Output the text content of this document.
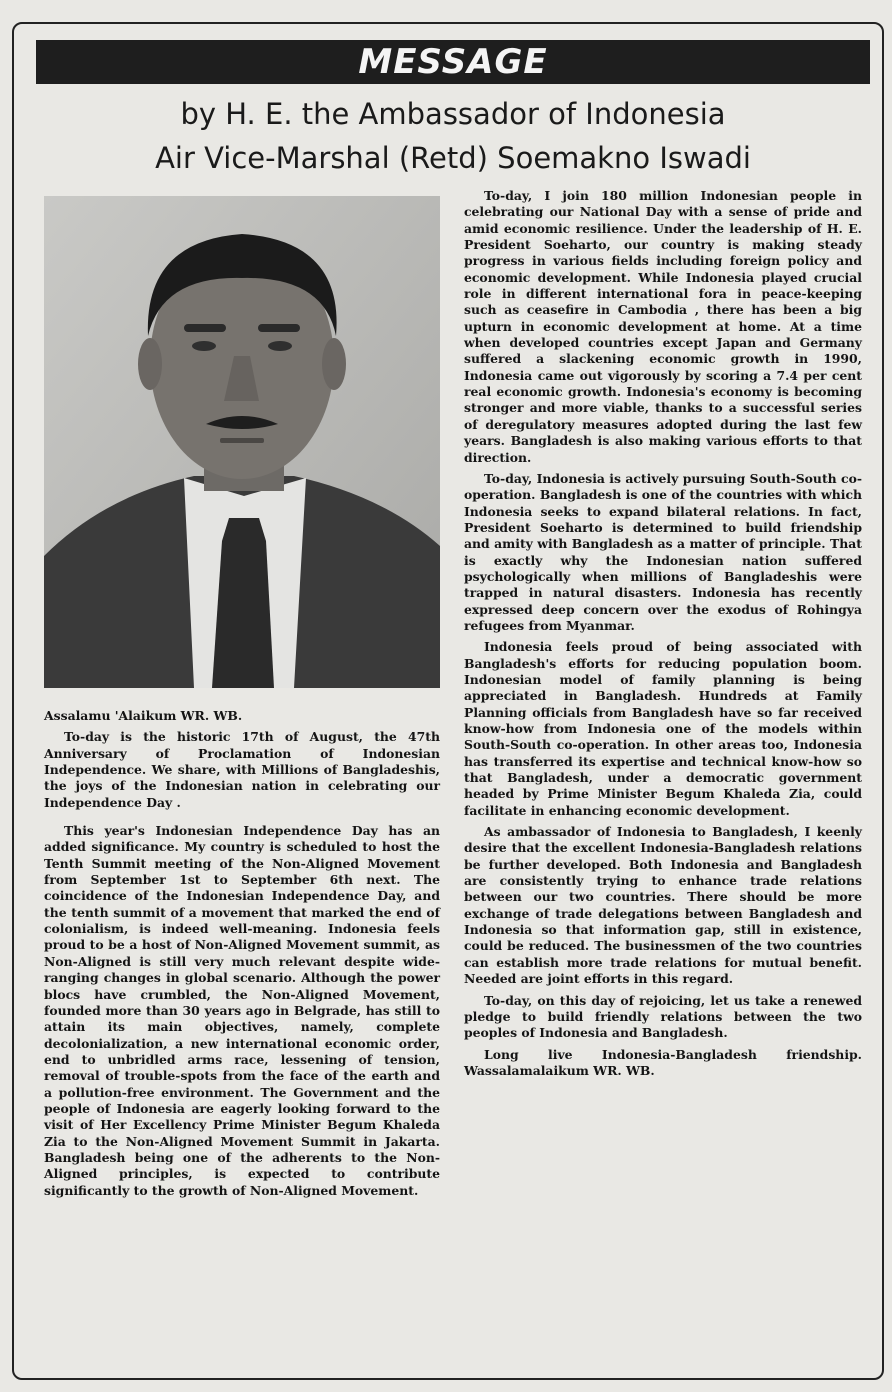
MESSAGE
by H. E. the Ambassador of Indonesia
Air Vice-Marshal (Retd) Soemakno Iswadi

Assalamu 'Alaikum WR. WB.

To-day is the historic 17th of August, the 47th Anniversary of Proclamation of Indonesian Independence. We share, with Millions of Bangladeshis, the joys of the Indonesian nation in celebrating our Independence Day .

This year's Indonesian Independence Day has an added significance. My country is scheduled to host the Tenth Summit meeting of the Non-Aligned Movement from September 1st to September 6th next. The coincidence of the Indonesian Independence Day, and the tenth summit of a movement that marked the end of colonialism, is indeed well-meaning. Indonesia feels proud to be a host of Non-Aligned Movement summit, as Non-Aligned is still very much relevant despite wide-ranging changes in global scenario. Although the power blocs have crumbled, the Non-Aligned Movement, founded more than 30 years ago in Belgrade, has still to attain its main objectives, namely, complete decolonialization, a new international economic order, end to unbridled arms race, lessening of tension, removal of trouble-spots from the face of the earth and a pollution-free environment. The Government and the people of Indonesia are eagerly looking forward to the visit of Her Excellency Prime Minister Begum Khaleda Zia to the Non-Aligned Movement Summit in Jakarta. Bangladesh being one of the adherents to the Non-Aligned principles, is expected to contribute significantly to the growth of Non-Aligned Movement.

To-day, I join 180 million Indonesian people in celebrating our National Day with a sense of pride and amid economic resilience. Under the leadership of H. E. President Soeharto, our country is making steady progress in various fields including foreign policy and economic development. While Indonesia played crucial role in different international fora in peace-keeping such as ceasefire in Cambodia , there has been a big upturn in economic development at home. At a time when developed countries except Japan and Germany suffered a slackening economic growth in 1990, Indonesia came out vigorously by scoring a 7.4 per cent real economic growth. Indonesia's economy is becoming stronger and more viable, thanks to a successful series of deregulatory measures adopted during the last few years. Bangladesh is also making various efforts to that direction.

To-day, Indonesia is actively pursuing South-South co-operation. Bangladesh is one of the countries with which Indonesia seeks to expand bilateral relations. In fact, President Soeharto is determined to build friendship and amity with Bangladesh as a matter of principle. That is exactly why the Indonesian nation suffered psychologically when millions of Bangladeshis were trapped in natural disasters. Indonesia has recently expressed deep concern over the exodus of Rohingya refugees from Myanmar.

Indonesia feels proud of being associated with Bangladesh's efforts for reducing population boom. Indonesian model of family planning is being appreciated in Bangladesh. Hundreds at Family Planning officials from Bangladesh have so far received know-how from Indonesia one of the models within South-South co-operation. In other areas too, Indonesia has transferred its expertise and technical know-how so that Bangladesh, under a democratic government headed by Prime Minister Begum Khaleda Zia, could facilitate in enhancing economic development.

As ambassador of Indonesia to Bangladesh, I keenly desire that the excellent Indonesia-Bangladesh relations be further developed. Both Indonesia and Bangladesh are consistently trying to enhance trade relations between our two countries. There should be more exchange of trade delegations between Bangladesh and Indonesia so that information gap, still in existence, could be reduced. The businessmen of the two countries can establish more trade relations for mutual benefit. Needed are joint efforts in this regard.

To-day, on this day of rejoicing, let us take a renewed pledge to build friendly relations between the two peoples of Indonesia and Bangladesh.

Long live Indonesia-Bangladesh friendship. Wassalamalaikum WR. WB.
